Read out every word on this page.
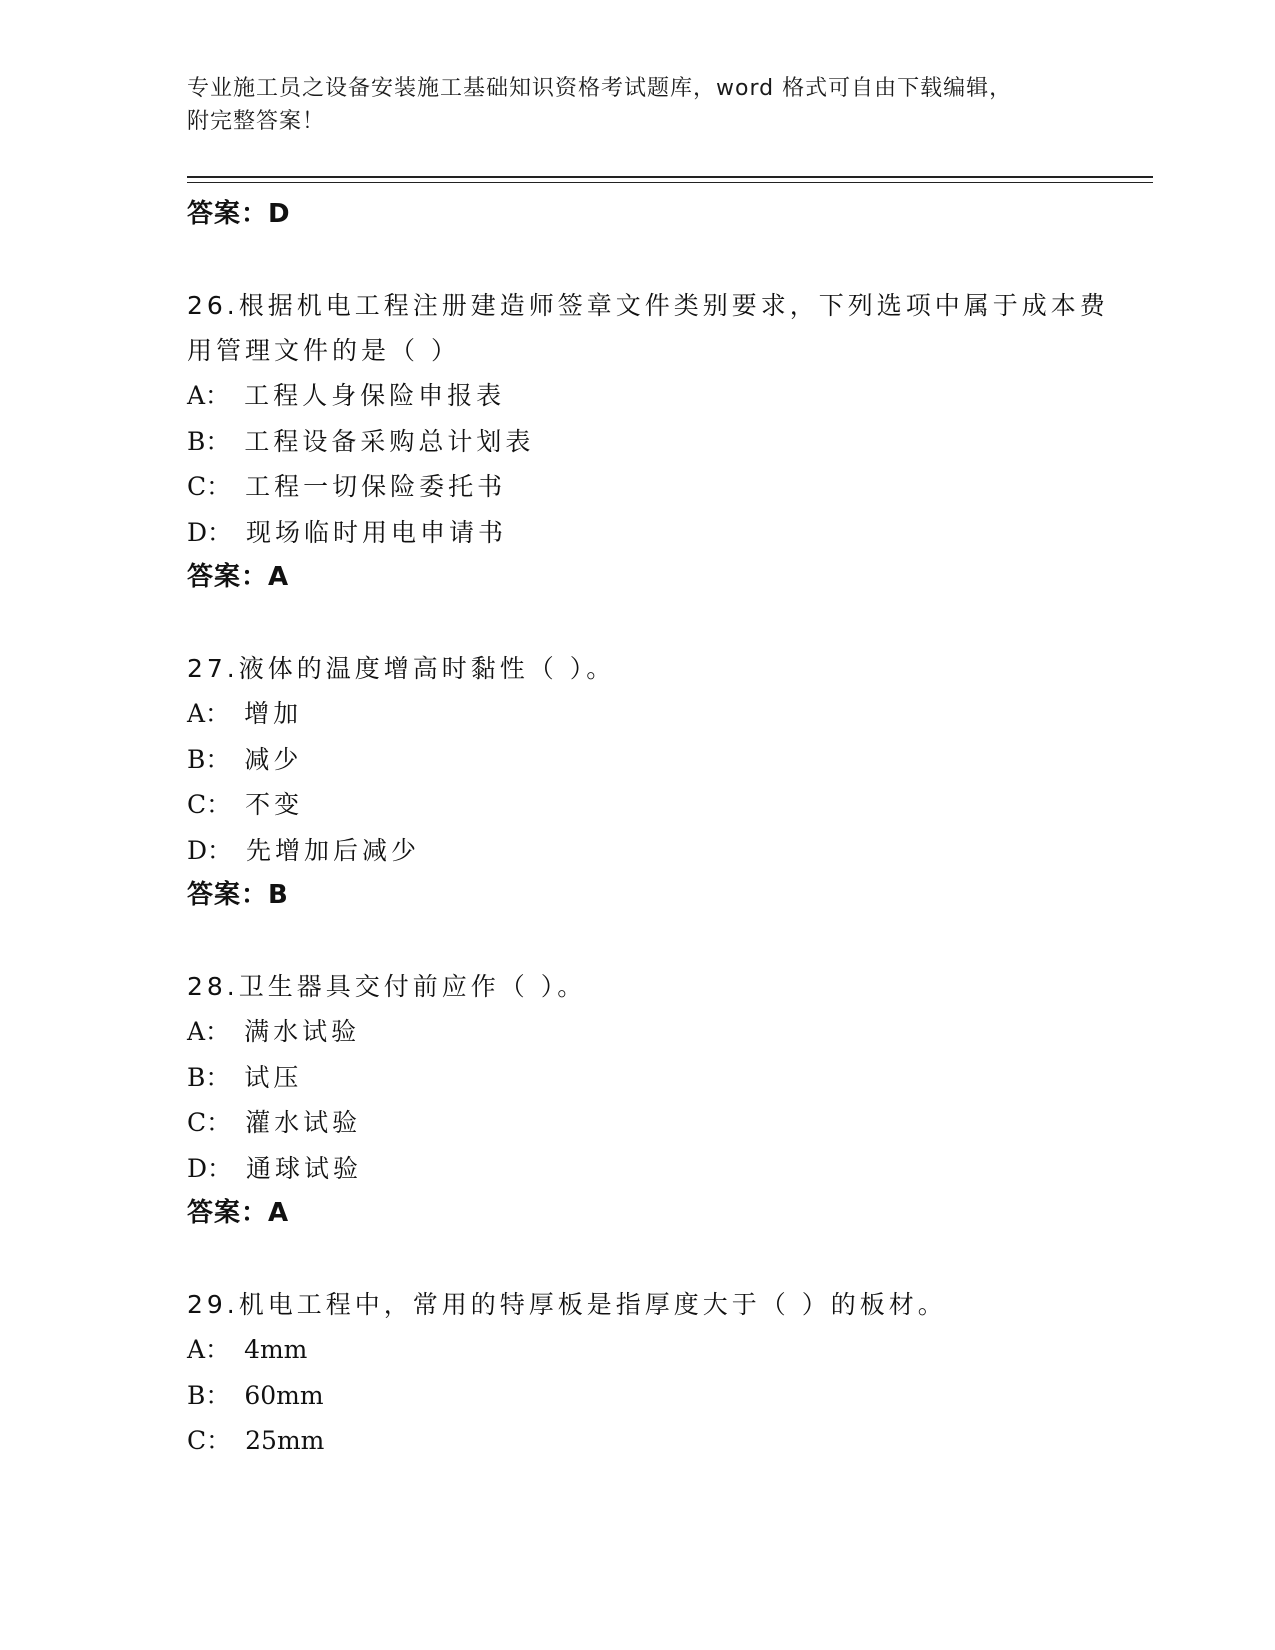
专业施工员之设备安装施工基础知识资格考试题库，word 格式可自由下载编辑，
附完整答案！
答案：D
26.根据机电工程注册建造师签章文件类别要求，下列选项中属于成本费用管理文件的是（ ）
A： 工程人身保险申报表
B： 工程设备采购总计划表
C： 工程一切保险委托书
D： 现场临时用电申请书
答案：A
27.液体的温度增高时黏性（ ）。
A： 增加
B： 减少
C： 不变
D： 先增加后减少
答案：B
28.卫生器具交付前应作（ ）。
A： 满水试验
B： 试压
C： 灌水试验
D： 通球试验
答案：A
29.机电工程中，常用的特厚板是指厚度大于（ ）的板材。
A： 4mm
B： 60mm
C： 25mm
